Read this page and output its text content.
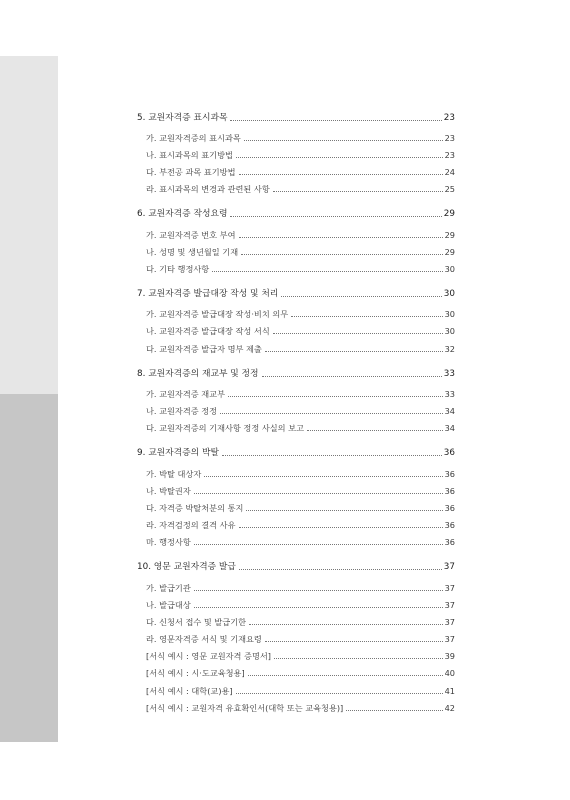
5. 교원자격증 표시과목	23
가. 교원자격증의 표시과목	23
나. 표시과목의 표기방법	23
다. 부전공 과목 표기방법	24
라. 표시과목의 변경과 관련된 사항	25
6. 교원자격증 작성요령	29
가. 교원자격증 번호 부여	29
나. 성명 및 생년월일 기재	29
다. 기타 행정사항	30
7. 교원자격증 발급대장 작성 및 처리	30
가. 교원자격증 발급대장 작성·비치 의무	30
나. 교원자격증 발급대장 작성 서식	30
다. 교원자격증 발급자 명부 제출	32
8. 교원자격증의 재교부 및 정정	33
가. 교원자격증 재교부	33
나. 교원자격증 정정	34
다. 교원자격증의 기재사항 정정 사실의 보고	34
9. 교원자격증의 박탈	36
가. 박탈 대상자	36
나. 박탈권자	36
다. 자격증 박탈처분의 통지	36
라. 자격검정의 결격 사유	36
마. 행정사항	36
10. 영문 교원자격증 발급	37
가. 발급기관	37
나. 발급대상	37
다. 신청서 접수 및 발급기한	37
라. 영문자격증 서식 및 기재요령	37
[서식 예시 : 영문 교원자격 증명서]	39
[서식 예시 : 시·도교육청용]	40
[서식 예시 : 대학(교)용]	41
[서식 예시 : 교원자격 유효확인서(대학 또는 교육청용)]	42
